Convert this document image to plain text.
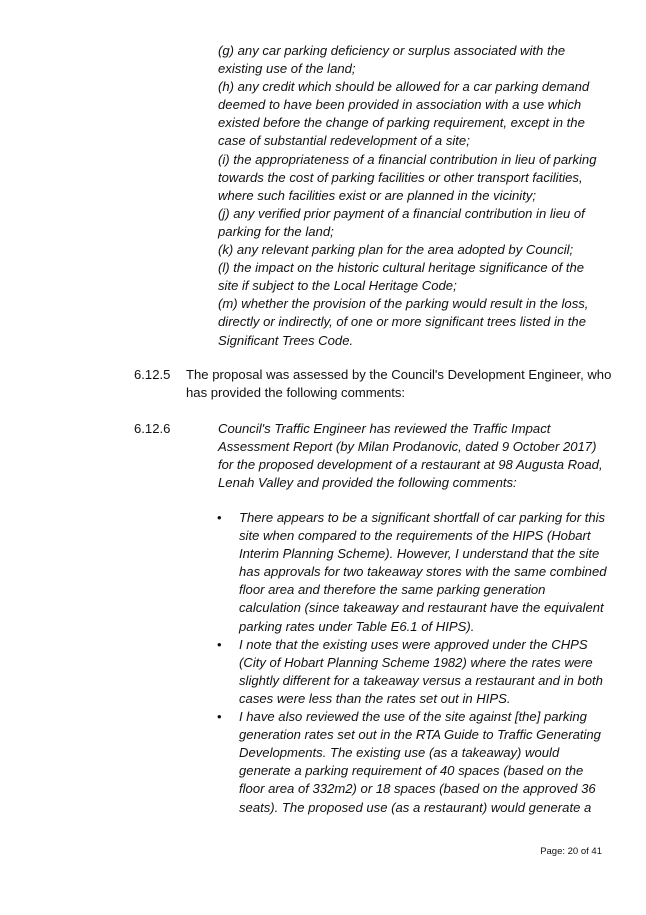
(g) any car parking deficiency or surplus associated with the
existing use of the land;
(h) any credit which should be allowed for a car parking demand
deemed to have been provided in association with a use which
existed before the change of parking requirement, except in the
case of substantial redevelopment of a site;
(i) the appropriateness of a financial contribution in lieu of parking
towards the cost of parking facilities or other transport facilities,
where such facilities exist or are planned in the vicinity;
(j) any verified prior payment of a financial contribution in lieu of
parking for the land;
(k) any relevant parking plan for the area adopted by Council;
(l) the impact on the historic cultural heritage significance of the
site if subject to the Local Heritage Code;
(m) whether the provision of the parking would result in the loss,
directly or indirectly, of one or more significant trees listed in the
Significant Trees Code.
6.12.5 The proposal was assessed by the Council's Development Engineer, who
has provided the following comments:
6.12.6	Council's Traffic Engineer has reviewed the Traffic Impact
Assessment Report (by Milan Prodanovic, dated 9 October 2017)
for the proposed development of a restaurant at 98 Augusta Road,
Lenah Valley and provided the following comments:
• There appears to be a significant shortfall of car parking for this
site when compared to the requirements of the HIPS (Hobart
Interim Planning Scheme). However, I understand that the site
has approvals for two takeaway stores with the same combined
floor area and therefore the same parking generation
calculation (since takeaway and restaurant have the equivalent
parking rates under Table E6.1 of HIPS).
• I note that the existing uses were approved under the CHPS
(City of Hobart Planning Scheme 1982) where the rates were
slightly different for a takeaway versus a restaurant and in both
cases were less than the rates set out in HIPS.
• I have also reviewed the use of the site against [the] parking
generation rates set out in the RTA Guide to Traffic Generating
Developments. The existing use (as a takeaway) would
generate a parking requirement of 40 spaces (based on the
floor area of 332m2) or 18 spaces (based on the approved 36
seats). The proposed use (as a restaurant) would generate a
Page: 20 of 41
